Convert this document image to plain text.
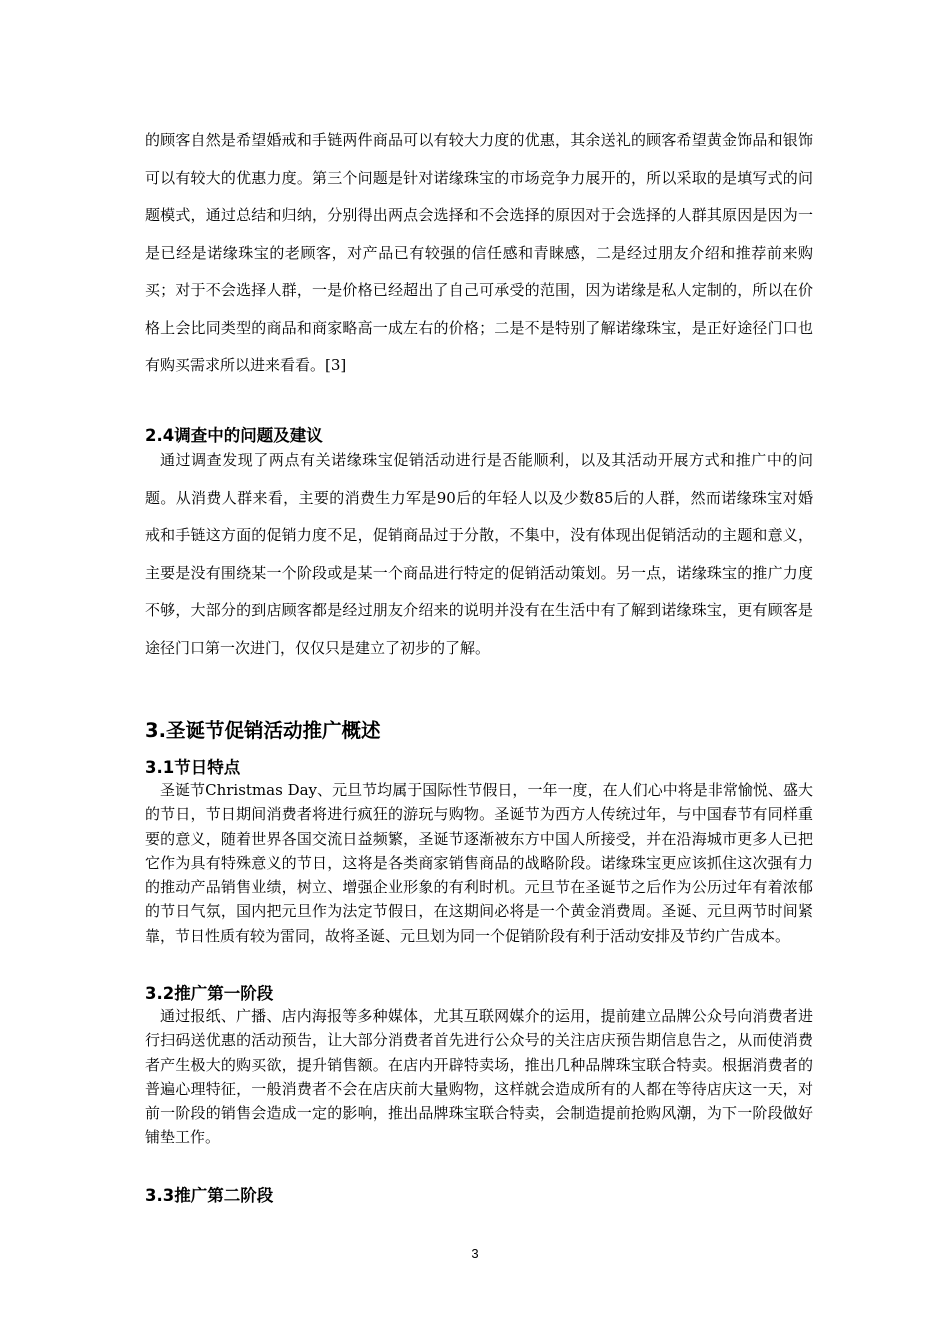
的顾客自然是希望婚戒和手链两件商品可以有较大力度的优惠，其余送礼的顾客希望黄金饰品和银饰可以有较大的优惠力度。第三个问题是针对诺缘珠宝的市场竞争力展开的，所以采取的是填写式的问题模式，通过总结和归纳，分别得出两点会选择和不会选择的原因对于会选择的人群其原因是因为一是已经是诺缘珠宝的老顾客，对产品已有较强的信任感和青睐感，二是经过朋友介绍和推荐前来购买；对于不会选择人群，一是价格已经超出了自己可承受的范围，因为诺缘是私人定制的，所以在价格上会比同类型的商品和商家略高一成左右的价格；二是不是特别了解诺缘珠宝，是正好途径门口也有购买需求所以进来看看。[3]

2.4调查中的问题及建议

通过调查发现了两点有关诺缘珠宝促销活动进行是否能顺利，以及其活动开展方式和推广中的问题。从消费人群来看，主要的消费生力军是90后的年轻人以及少数85后的人群，然而诺缘珠宝对婚戒和手链这方面的促销力度不足，促销商品过于分散，不集中，没有体现出促销活动的主题和意义，主要是没有围绕某一个阶段或是某一个商品进行特定的促销活动策划。另一点，诺缘珠宝的推广力度不够，大部分的到店顾客都是经过朋友介绍来的说明并没有在生活中有了解到诺缘珠宝，更有顾客是途径门口第一次进门，仅仅只是建立了初步的了解。

3.圣诞节促销活动推广概述
3.1节日特点

圣诞节Christmas Day、元旦节均属于国际性节假日，一年一度，在人们心中将是非常愉悦、盛大的节日，节日期间消费者将进行疯狂的游玩与购物。圣诞节为西方人传统过年，与中国春节有同样重要的意义，随着世界各国交流日益频繁，圣诞节逐渐被东方中国人所接受，并在沿海城市更多人已把它作为具有特殊意义的节日，这将是各类商家销售商品的战略阶段。诺缘珠宝更应该抓住这次强有力的推动产品销售业绩，树立、增强企业形象的有利时机。元旦节在圣诞节之后作为公历过年有着浓郁的节日气氛，国内把元旦作为法定节假日，在这期间必将是一个黄金消费周。圣诞、元旦两节时间紧靠，节日性质有较为雷同，故将圣诞、元旦划为同一个促销阶段有利于活动安排及节约广告成本。

3.2推广第一阶段

通过报纸、广播、店内海报等多种媒体，尤其互联网媒介的运用，提前建立品牌公众号向消费者进行扫码送优惠的活动预告，让大部分消费者首先进行公众号的关注店庆预告期信息告之，从而使消费者产生极大的购买欲，提升销售额。在店内开辟特卖场，推出几种品牌珠宝联合特卖。根据消费者的普遍心理特征，一般消费者不会在店庆前大量购物，这样就会造成所有的人都在等待店庆这一天，对前一阶段的销售会造成一定的影响，推出品牌珠宝联合特卖，会制造提前抢购风潮，为下一阶段做好铺垫工作。

3.3推广第二阶段
3
